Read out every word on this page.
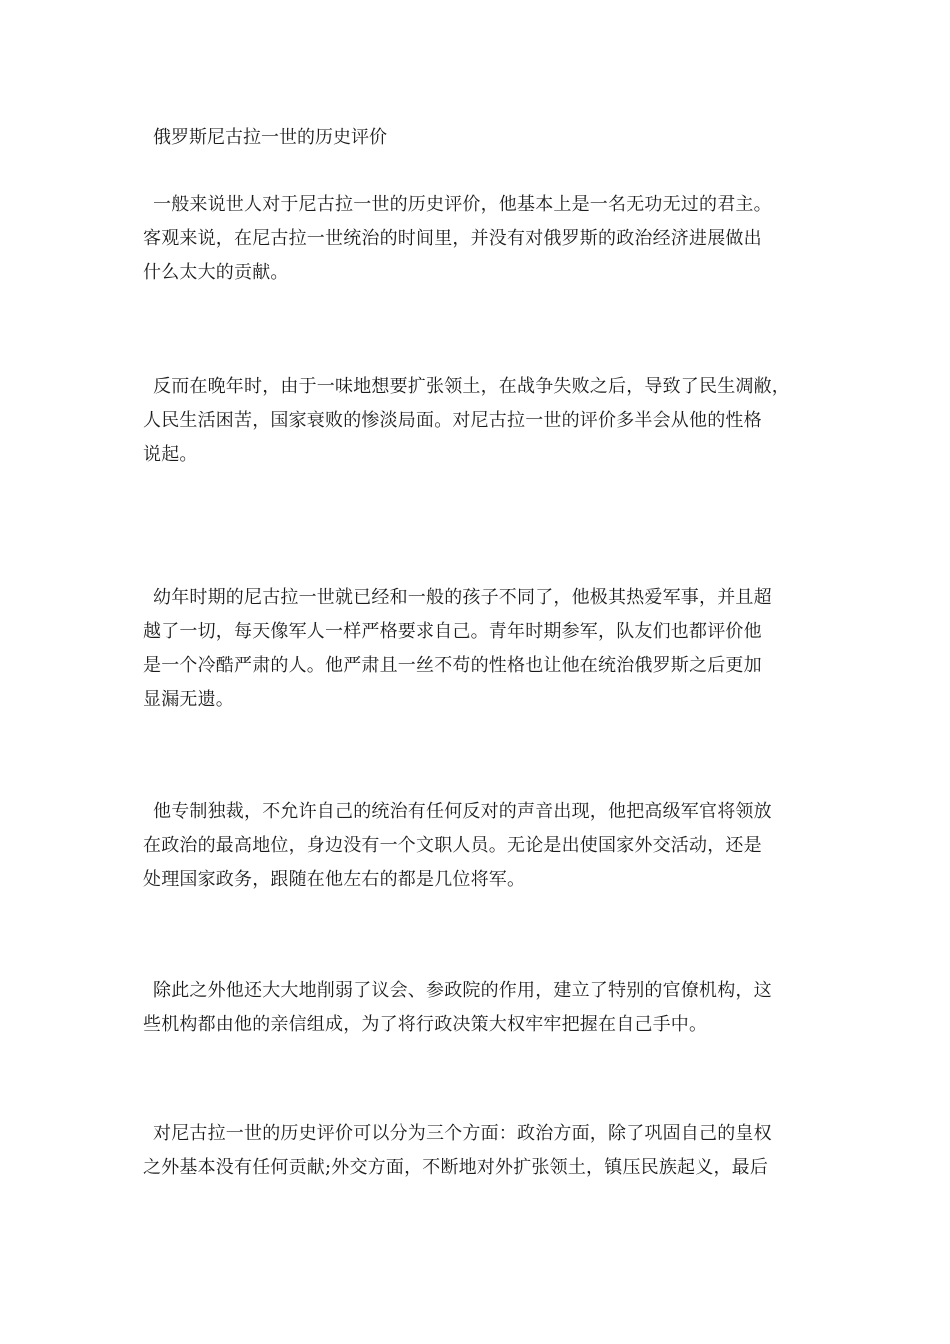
俄罗斯尼古拉一世的历史评价

一般来说世人对于尼古拉一世的历史评价，他基本上是一名无功无过的君主。
客观来说，在尼古拉一世统治的时间里，并没有对俄罗斯的政治经济进展做出
什么太大的贡献。

反而在晚年时，由于一味地想要扩张领土，在战争失败之后，导致了民生凋敝，
人民生活困苦，国家衰败的惨淡局面。对尼古拉一世的评价多半会从他的性格
说起。

幼年时期的尼古拉一世就已经和一般的孩子不同了，他极其热爱军事，并且超
越了一切，每天像军人一样严格要求自己。青年时期参军，队友们也都评价他
是一个冷酷严肃的人。他严肃且一丝不苟的性格也让他在统治俄罗斯之后更加
显漏无遗。

他专制独裁，不允许自己的统治有任何反对的声音出现，他把高级军官将领放
在政治的最高地位，身边没有一个文职人员。无论是出使国家外交活动，还是
处理国家政务，跟随在他左右的都是几位将军。

除此之外他还大大地削弱了议会、参政院的作用，建立了特别的官僚机构，这
些机构都由他的亲信组成，为了将行政决策大权牢牢把握在自己手中。

对尼古拉一世的历史评价可以分为三个方面：政治方面，除了巩固自己的皇权
之外基本没有任何贡献;外交方面，不断地对外扩张领土，镇压民族起义，最后
